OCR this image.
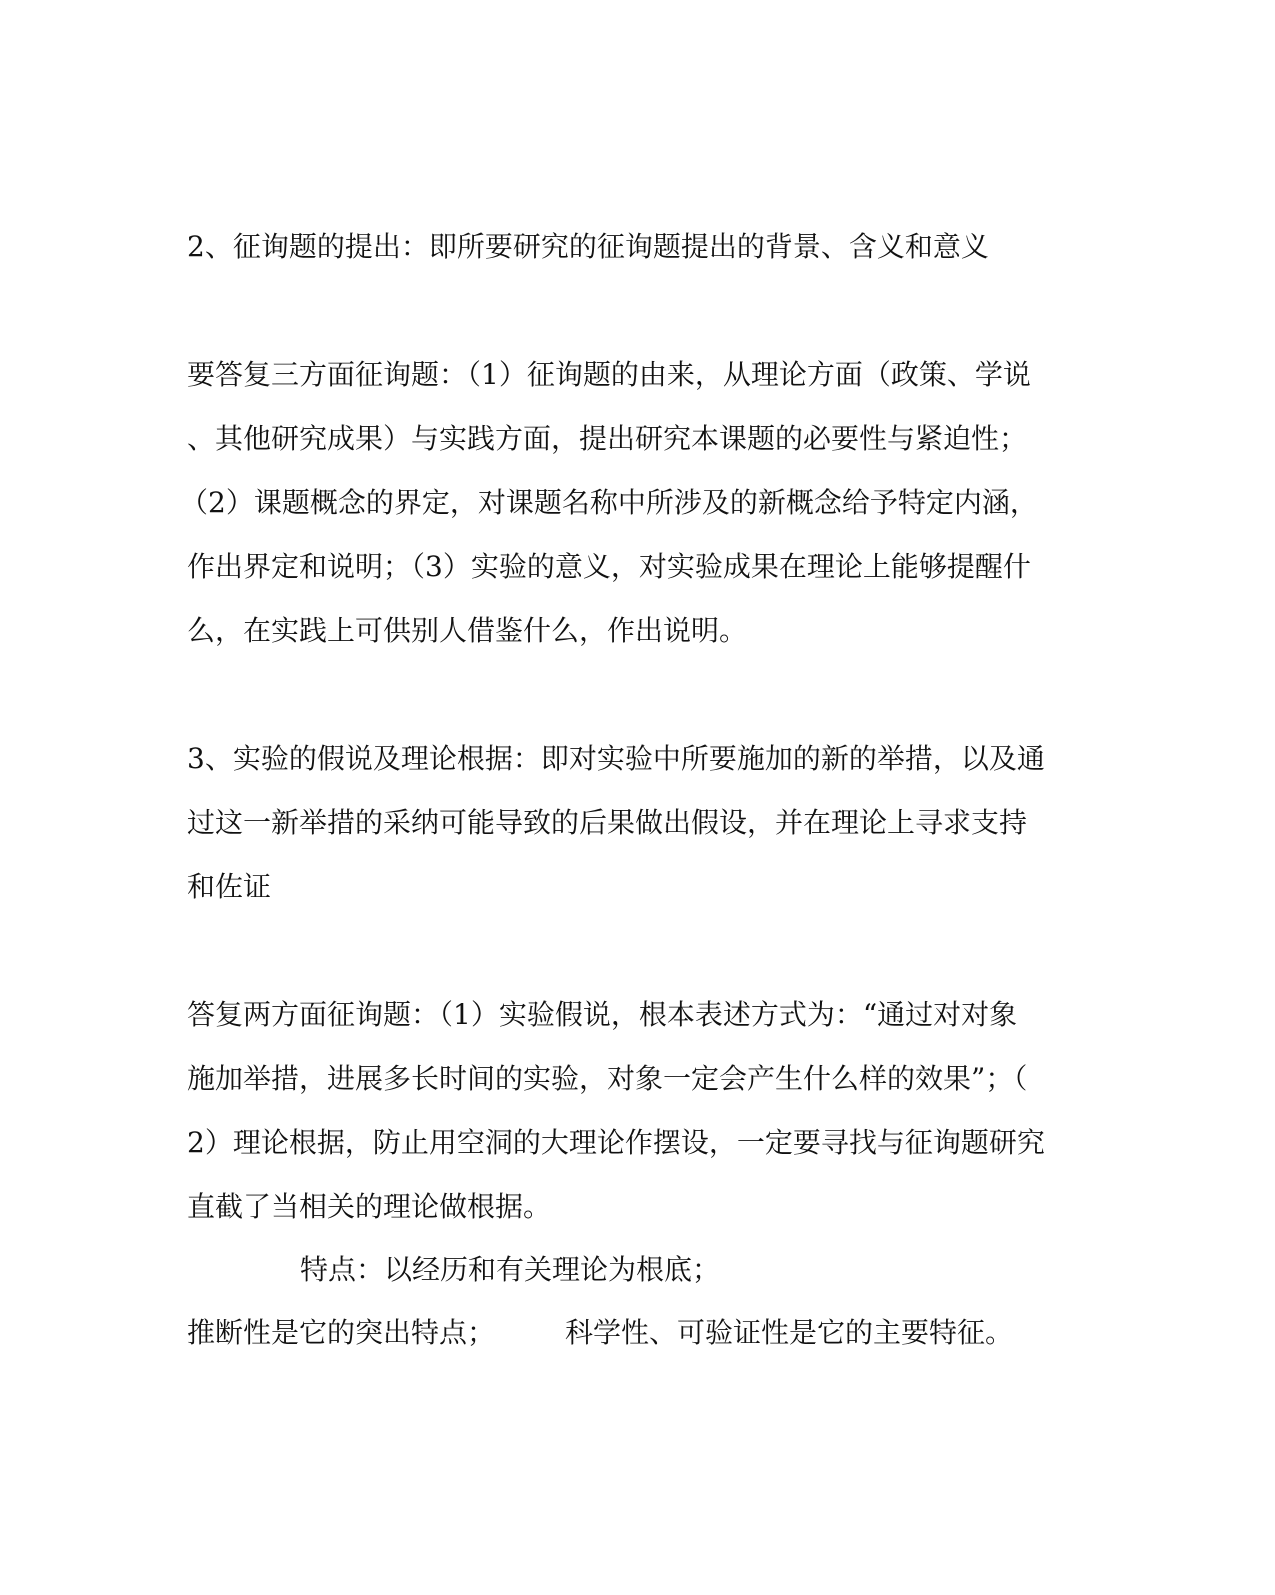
2、征询题的提出：即所要研究的征询题提出的背景、含义和意义

要答复三方面征询题：（1）征询题的由来，从理论方面（政策、学说

、其他研究成果）与实践方面，提出研究本课题的必要性与紧迫性；

（2）课题概念的界定，对课题名称中所涉及的新概念给予特定内涵，

作出界定和说明；（3）实验的意义，对实验成果在理论上能够提醒什

么，在实践上可供别人借鉴什么，作出说明。

3、实验的假说及理论根据：即对实验中所要施加的新的举措，以及通

过这一新举措的采纳可能导致的后果做出假设，并在理论上寻求支持

和佐证

答复两方面征询题：（1）实验假说，根本表述方式为：“通过对对象

施加举措，进展多长时间的实验，对象一定会产生什么样的效果”；（

2）理论根据，防止用空洞的大理论作摆设，一定要寻找与征询题研究

直截了当相关的理论做根据。

特点：以经历和有关理论为根底；

推断性是它的突出特点；　　　科学性、可验证性是它的主要特征。
